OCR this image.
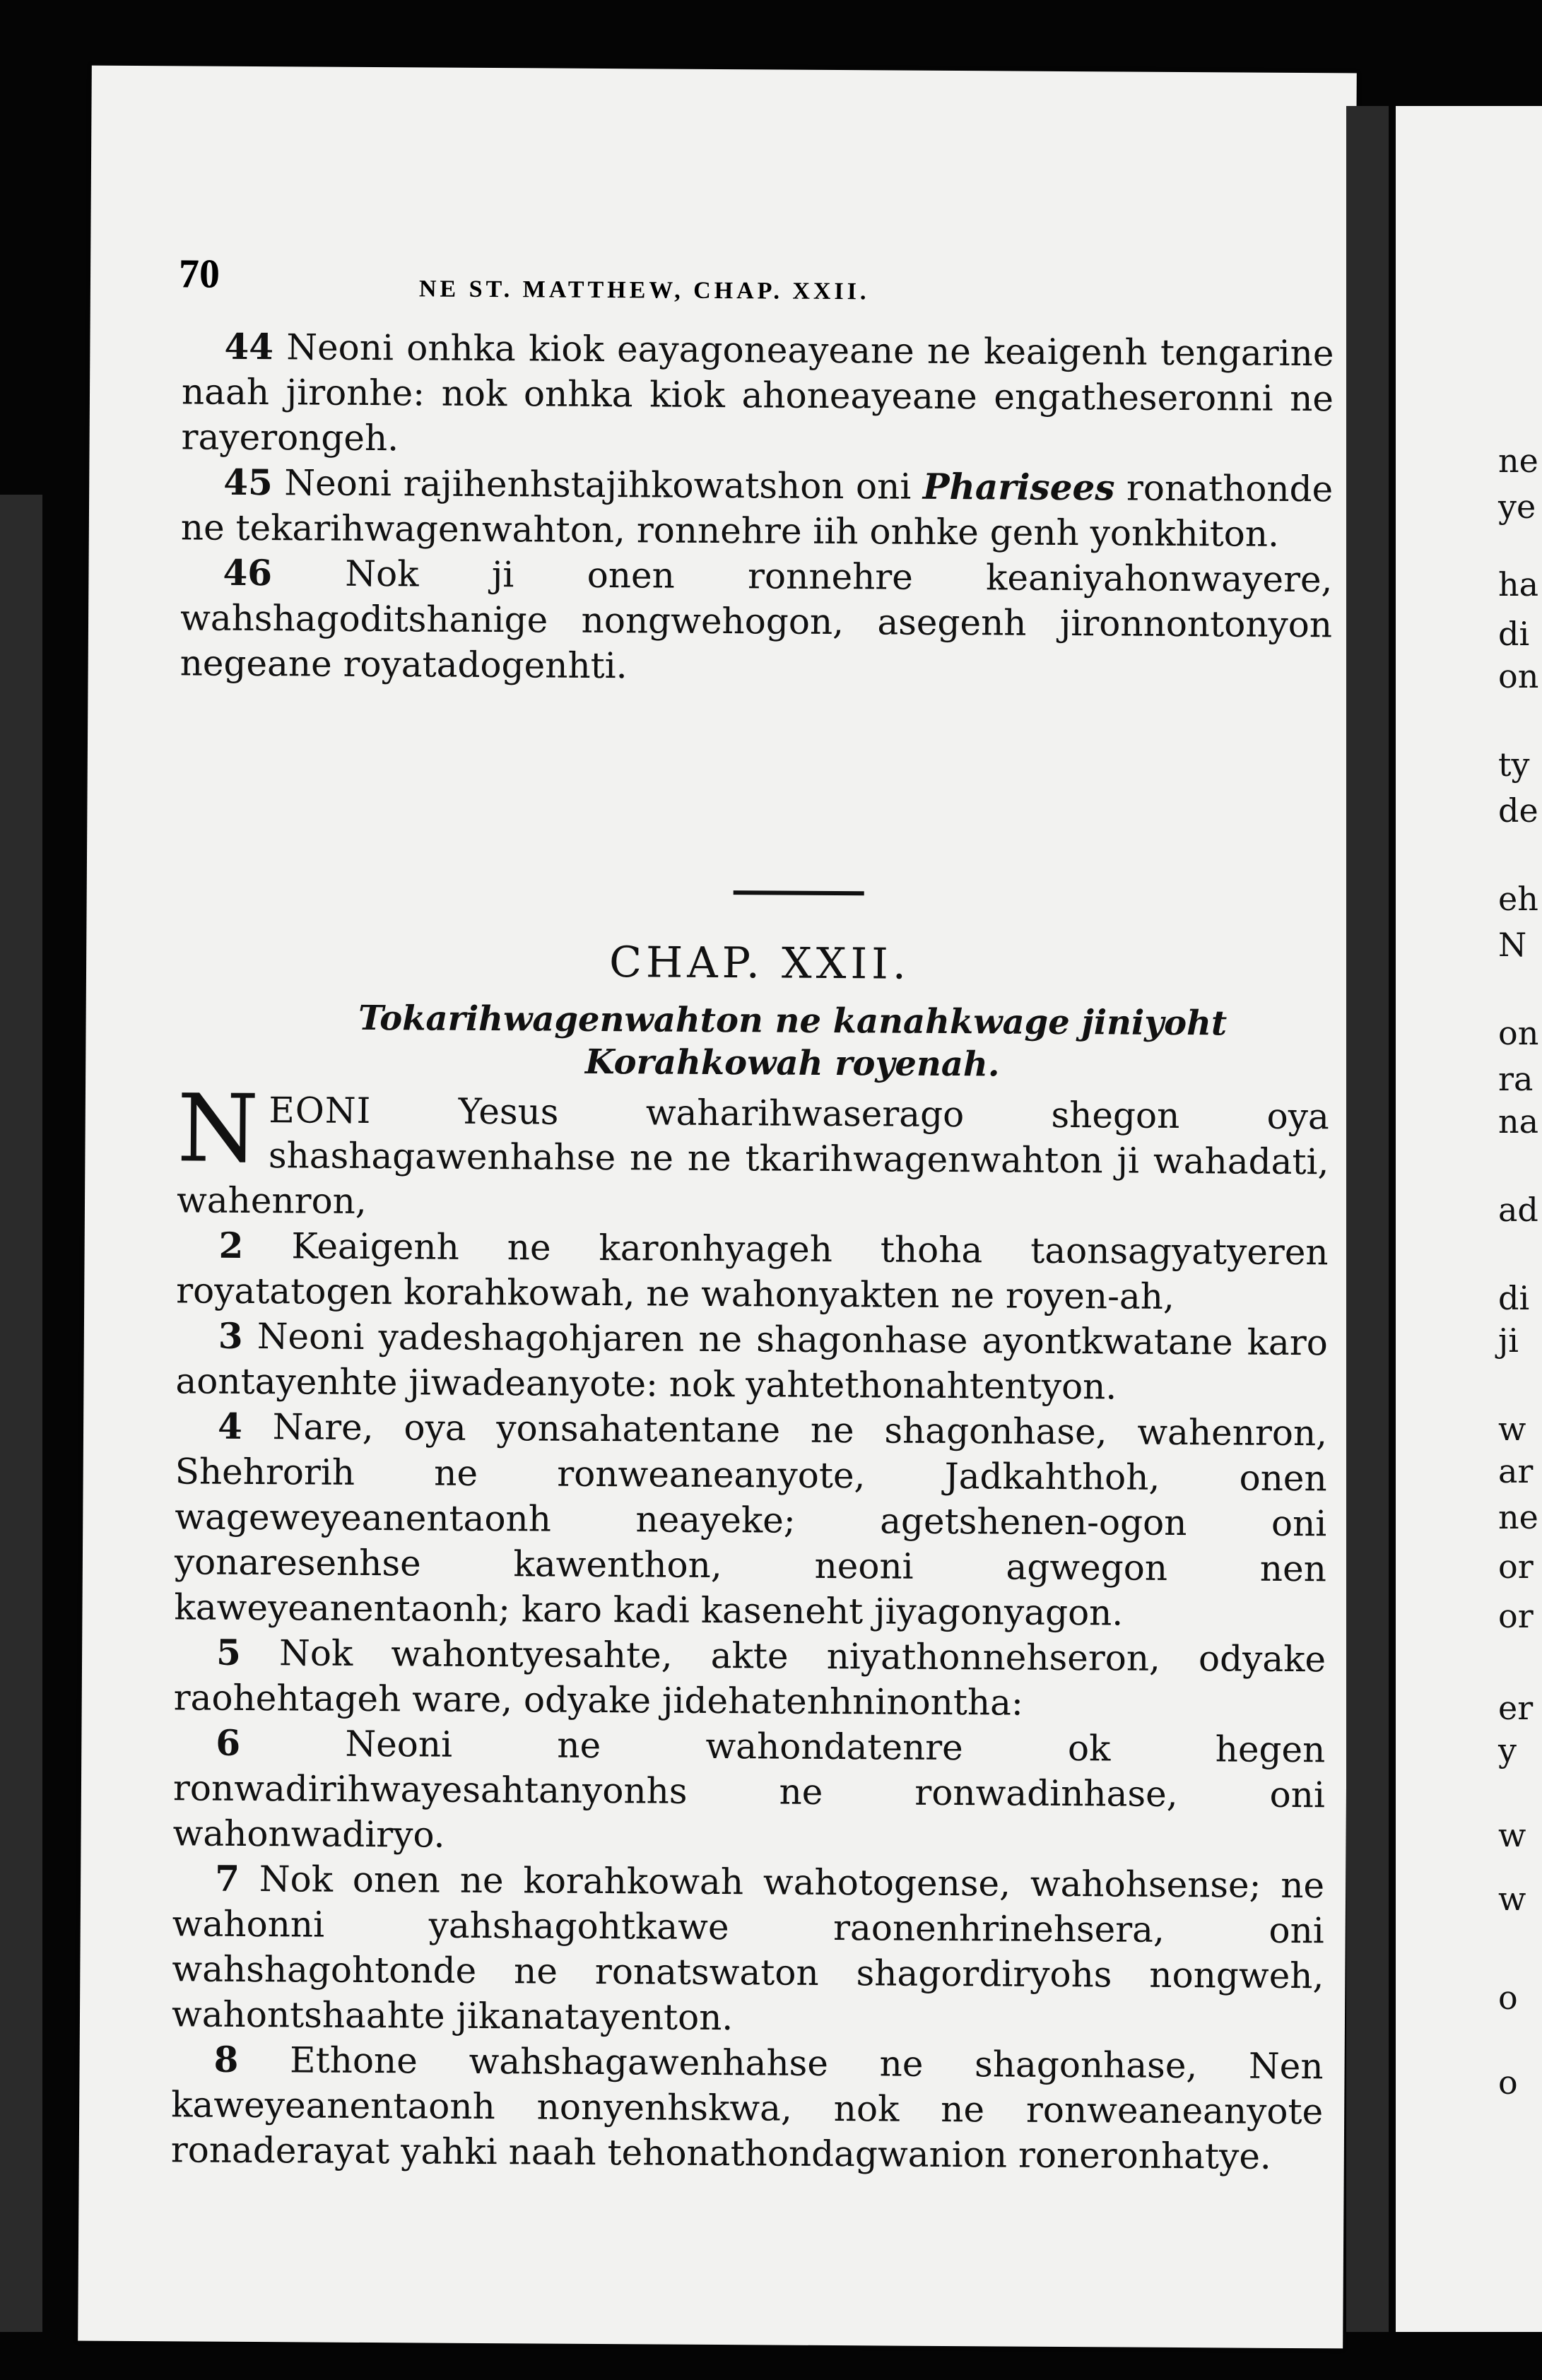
70	NE ST. MATTHEW, CHAP. XXII.

44 Neoni onhka kiok eayagoneayeane ne keaigenh tengarine naah jironhe: nok onhka kiok ahoneayeane engatheseronni ne rayerongeh.

45 Neoni rajihenhstajihkowatshon oni Pharisees ronathonde ne tekarihwagenwahton, ronnehre iih onhke genh yonkhiton.

46 Nok ji onen ronnehre keaniyahonwayere, wahshagoditshanige nongwehogon, asegenh jironnontonyon negeane royatadogenhti.

CHAP. XXII.
Tokarihwagenwahton ne kanahkwage jiniyoht Korahkowah royenah.

NEONI Yesus waharihwaserago shegon oya shashagawenhahse ne ne tkarihwagenwahton ji wahadati, wahenron,

2 Keaigenh ne karonhyageh thoha taonsagyatyeren royatatogen korahkowah, ne wahonyakten ne royen-ah,

3 Neoni yadeshagohjaren ne shagonhase ayontkwatane karo aontayenhte jiwadeanyote: nok yahtethonahtentyon.

4 Nare, oya yonsahatentane ne shagonhase, wahenron, Shehrorih ne ronweaneanyote, Jadkahthoh, onen wageweyeanentaonh neayeke; agetshenen-ogon oni yonaresenhse kawenthon, neoni agwegon nen kaweyeanentaonh; karo kadi kaseneht jiyagonyagon.

5 Nok wahontyesahte, akte niyathonnehseron, odyake raohehtageh ware, odyake jidehatenhninontha:

6	Neoni ne wahondatenre ok hegen ronwadirihwayesahtanyonhs ne ronwadinhase, oni wahonwadiryo.

7 Nok onen ne korahkowah wahotogense, wahohsense; ne wahonni yahshagohtkawe raonenhrinehsera, oni wahshagohtonde ne ronatswaton shagordiryohs nongweh, wahontshaahte jikanatayenton.

8 Ethone wahshagawenhahse ne shagonhase, Nen kaweyeanentaonh nonyenhskwa, nok ne ronweaneanyote ronaderayat yahki naah tehonathondagwanion roneronhatye.

ne
ye
ha
di
on
ty
de
eh
N
on
ra
na
ad
di
ji
w
ar
ne
or
or
er
y
w
w
o
o
